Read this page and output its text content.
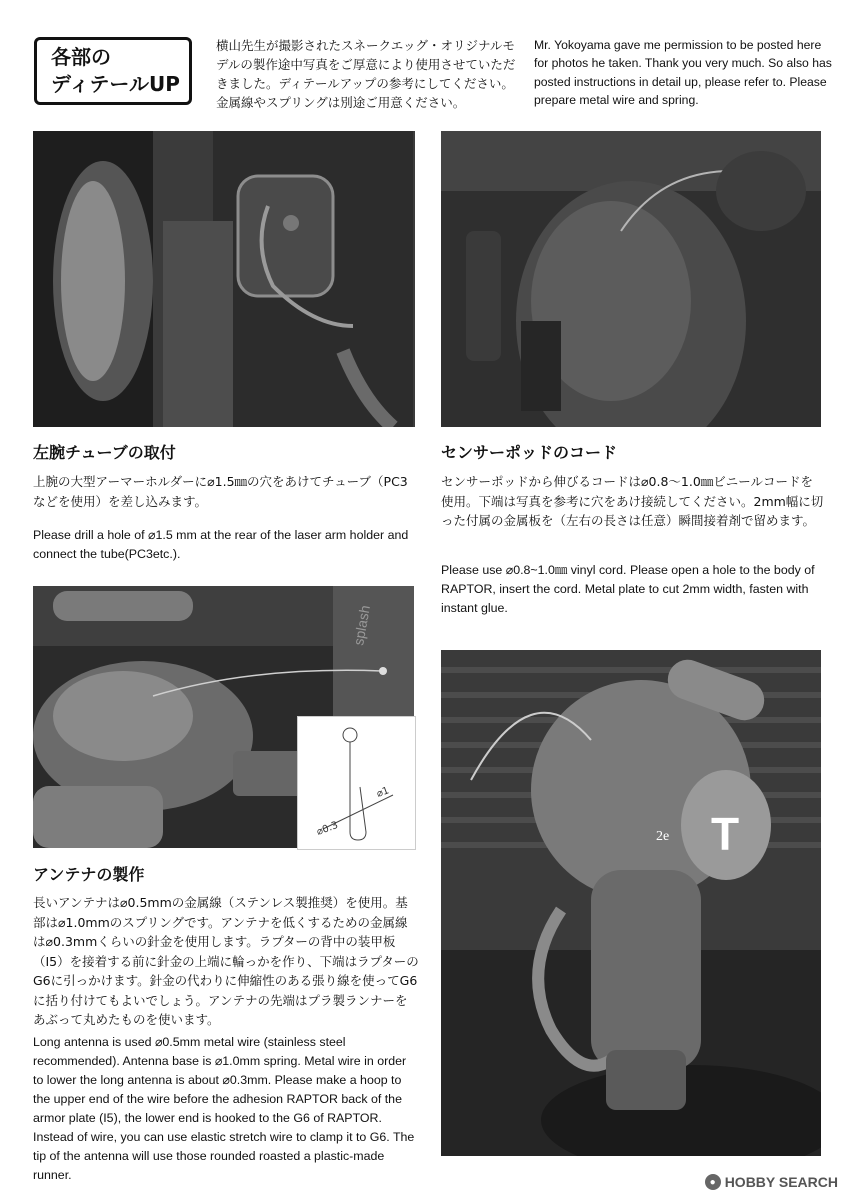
各部の
ディテールUP
横山先生が撮影されたスネークエッグ・オリジナルモデルの製作途中写真をご厚意により使用させていただきました。ディテールアップの参考にしてください。金属線やスプリングは別途ご用意ください。
Mr. Yokoyama gave me permission to be posted here for photos he taken. Thank you very much. So also has posted instructions in detail up, please refer to. Please prepare metal wire and spring.
左腕チューブの取付
上腕の大型アーマーホルダーに⌀1.5㎜の穴をあけてチューブ（PC3などを使用）を差し込みます。
Please drill a hole of ⌀1.5 mm at the rear of the laser arm holder and connect the tube(PC3etc.).
センサーポッドのコード
センサーポッドから伸びるコードは⌀0.8〜1.0㎜ビニールコードを使用。下端は写真を参考に穴をあけ接続してください。2mm幅に切った付属の金属板を（左右の長さは任意）瞬間接着剤で留めます。
Please use ⌀0.8~1.0㎜ vinyl cord. Please open a hole to the body of RAPTOR, insert the cord. Metal plate to cut 2mm width, fasten with instant glue.
splash
⌀1
⌀0.3
アンテナの製作
長いアンテナは⌀0.5mmの金属線（ステンレス製推奨）を使用。基部は⌀1.0mmのスプリングです。アンテナを低くするための金属線は⌀0.3mmくらいの針金を使用します。ラプターの背中の装甲板（I5）を接着する前に針金の上端に輪っかを作り、下端はラプターのG6に引っかけます。針金の代わりに伸縮性のある張り線を使ってG6に括り付けてもよいでしょう。アンテナの先端はプラ製ランナーをあぶって丸めたものを使います。
Long antenna is used ⌀0.5mm metal wire (stainless steel recommended). Antenna base is ⌀1.0mm spring. Metal wire in order to lower the long antenna is about ⌀0.3mm. Please make a hoop to the upper end of the wire before the adhesion RAPTOR back of the armor plate (I5), the lower end is hooked to the G6 of RAPTOR. Instead of wire, you can use elastic stretch wire to clamp it to G6. The tip of the antenna will use those rounded roasted a plastic-made runner.
T
2e
● HOBBY SEARCH
